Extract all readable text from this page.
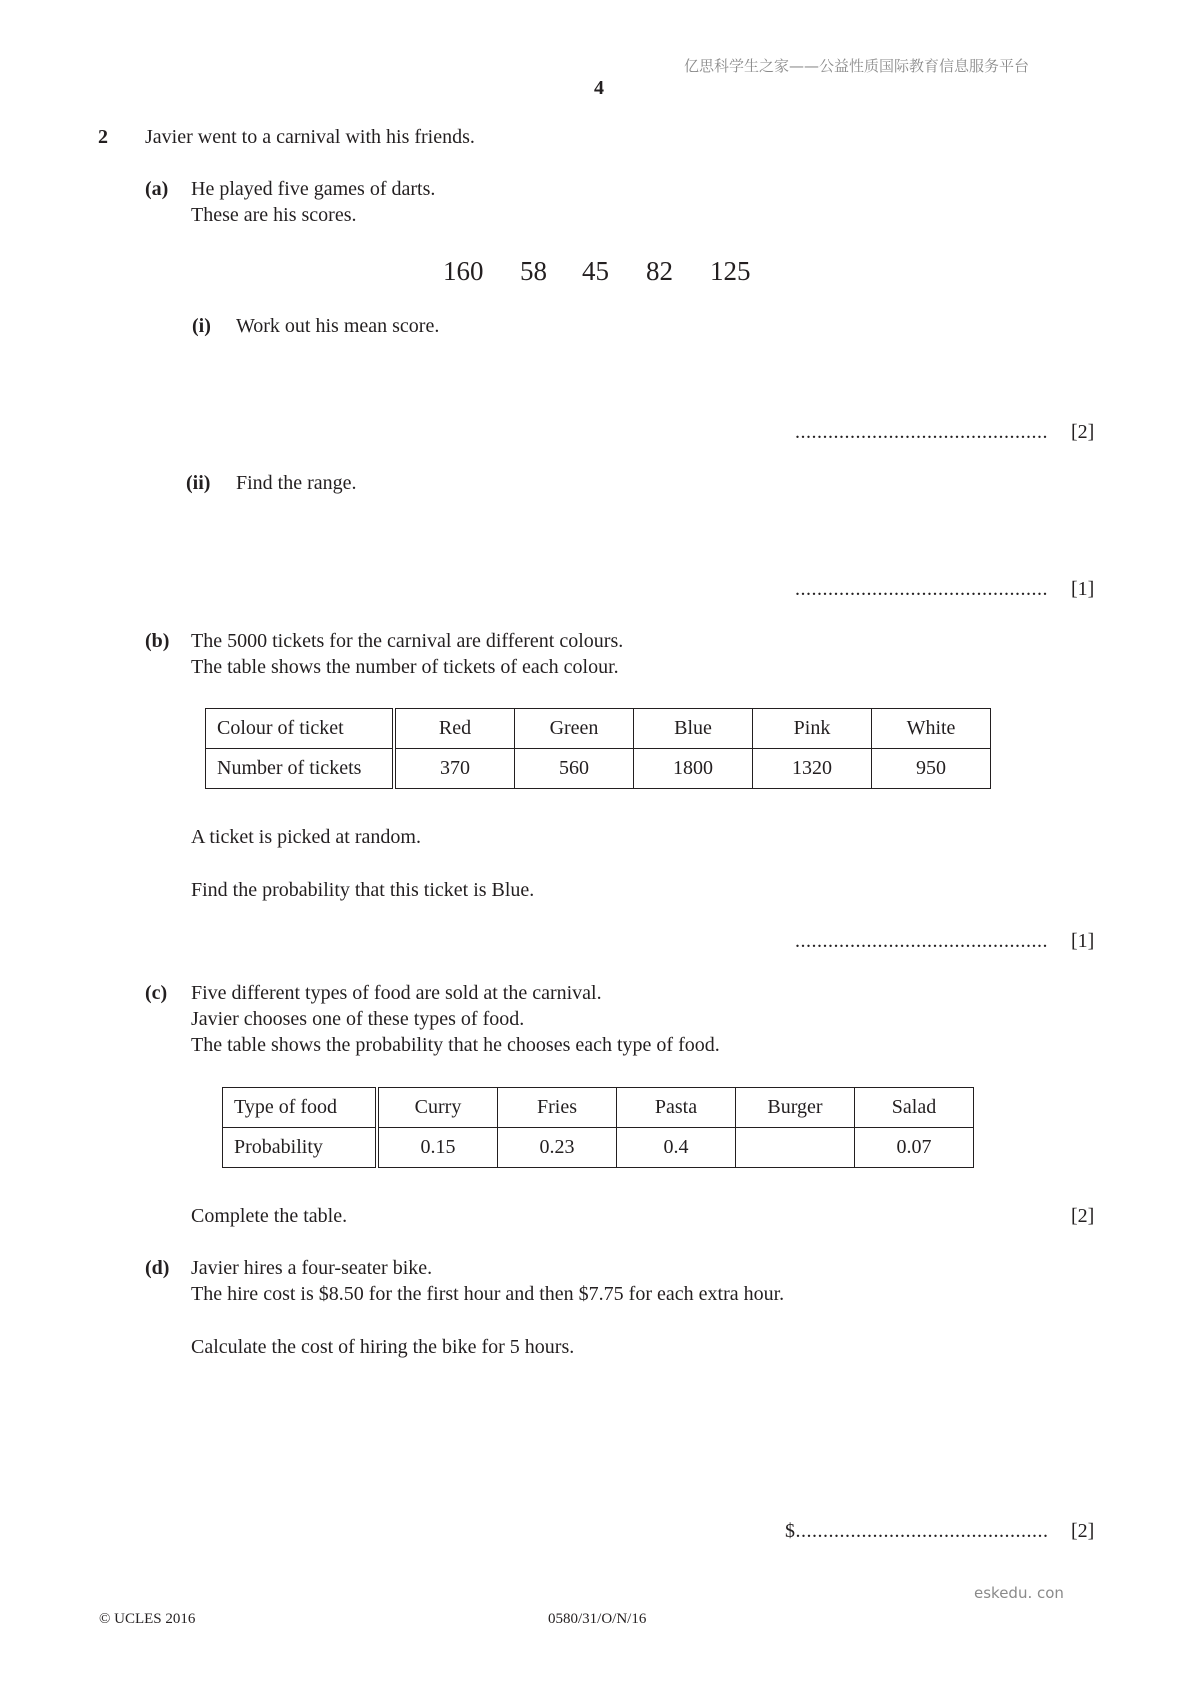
亿思科学生之家——公益性质国际教育信息服务平台
4
2 Javier went to a carnival with his friends.
(a) He played five games of darts.
These are his scores.
160 58 45 82 125
(i) Work out his mean score.
.............................................. [2]
(ii) Find the range.
.............................................. [1]
(b) The 5000 tickets for the carnival are different colours.
The table shows the number of tickets of each colour.
Colour of ticket	Red	Green	Blue	Pink	White
Number of tickets	370	560	1800	1320	950
A ticket is picked at random.
Find the probability that this ticket is Blue.
.............................................. [1]
(c) Five different types of food are sold at the carnival.
Javier chooses one of these types of food.
The table shows the probability that he chooses each type of food.
Type of food	Curry	Fries	Pasta	Burger	Salad
Probability	0.15	0.23	0.4		0.07
Complete the table.	[2]
(d) Javier hires a four-seater bike.
The hire cost is $8.50 for the first hour and then $7.75 for each extra hour.
Calculate the cost of hiring the bike for 5 hours.
$.............................................. [2]
eskedu. con
© UCLES 2016	0580/31/O/N/16
